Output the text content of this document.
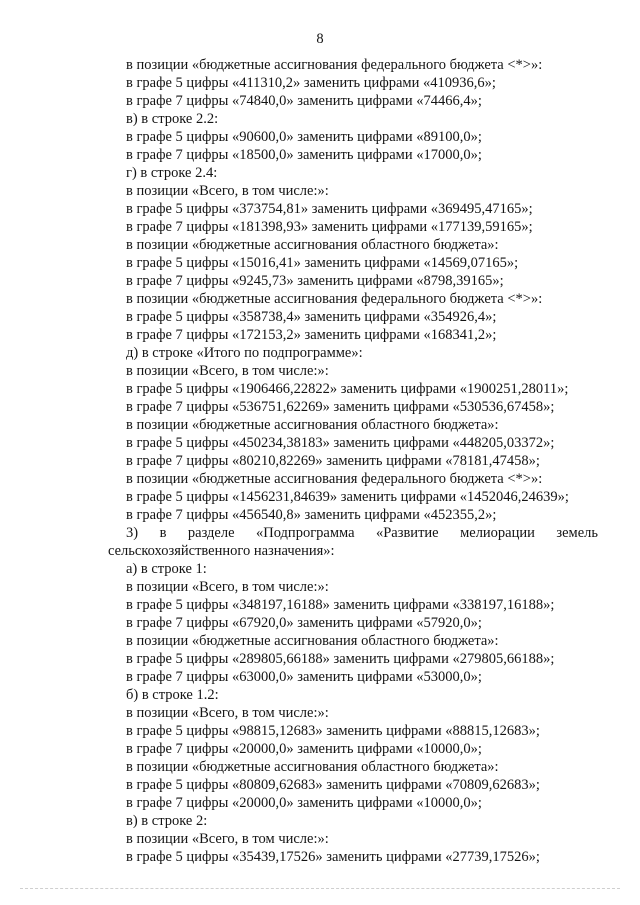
8
в позиции «бюджетные ассигнования федерального бюджета <*>»:
в графе 5 цифры «411310,2» заменить цифрами «410936,6»;
в графе 7 цифры «74840,0» заменить цифрами «74466,4»;
в) в строке 2.2:
в графе 5 цифры «90600,0» заменить цифрами «89100,0»;
в графе 7 цифры «18500,0» заменить цифрами «17000,0»;
г) в строке 2.4:
в позиции «Всего, в том числе:»:
в графе 5 цифры «373754,81» заменить цифрами «369495,47165»;
в графе 7 цифры «181398,93» заменить цифрами «177139,59165»;
в позиции «бюджетные ассигнования областного бюджета»:
в графе 5 цифры «15016,41» заменить цифрами «14569,07165»;
в графе 7 цифры «9245,73» заменить цифрами «8798,39165»;
в позиции «бюджетные ассигнования федерального бюджета <*>»:
в графе 5 цифры «358738,4» заменить цифрами «354926,4»;
в графе 7 цифры «172153,2» заменить цифрами «168341,2»;
д) в строке «Итого по подпрограмме»:
в позиции «Всего, в том числе:»:
в графе 5 цифры «1906466,22822» заменить цифрами «1900251,28011»;
в графе 7 цифры «536751,62269» заменить цифрами «530536,67458»;
в позиции «бюджетные ассигнования областного бюджета»:
в графе 5 цифры «450234,38183» заменить цифрами «448205,03372»;
в графе 7 цифры «80210,82269» заменить цифрами «78181,47458»;
в позиции «бюджетные ассигнования федерального бюджета <*>»:
в графе 5 цифры «1456231,84639» заменить цифрами «1452046,24639»;
в графе 7 цифры «456540,8» заменить цифрами «452355,2»;
3) в разделе «Подпрограмма «Развитие мелиорации земель
сельскохозяйственного назначения»:
а) в строке 1:
в позиции «Всего, в том числе:»:
в графе 5 цифры «348197,16188» заменить цифрами «338197,16188»;
в графе 7 цифры «67920,0» заменить цифрами «57920,0»;
в позиции «бюджетные ассигнования областного бюджета»:
в графе 5 цифры «289805,66188» заменить цифрами «279805,66188»;
в графе 7 цифры «63000,0» заменить цифрами «53000,0»;
б) в строке 1.2:
в позиции «Всего, в том числе:»:
в графе 5 цифры «98815,12683» заменить цифрами «88815,12683»;
в графе 7 цифры «20000,0» заменить цифрами «10000,0»;
в позиции «бюджетные ассигнования областного бюджета»:
в графе 5 цифры «80809,62683» заменить цифрами «70809,62683»;
в графе 7 цифры «20000,0» заменить цифрами «10000,0»;
в) в строке 2:
в позиции «Всего, в том числе:»:
в графе 5 цифры «35439,17526» заменить цифрами «27739,17526»;
